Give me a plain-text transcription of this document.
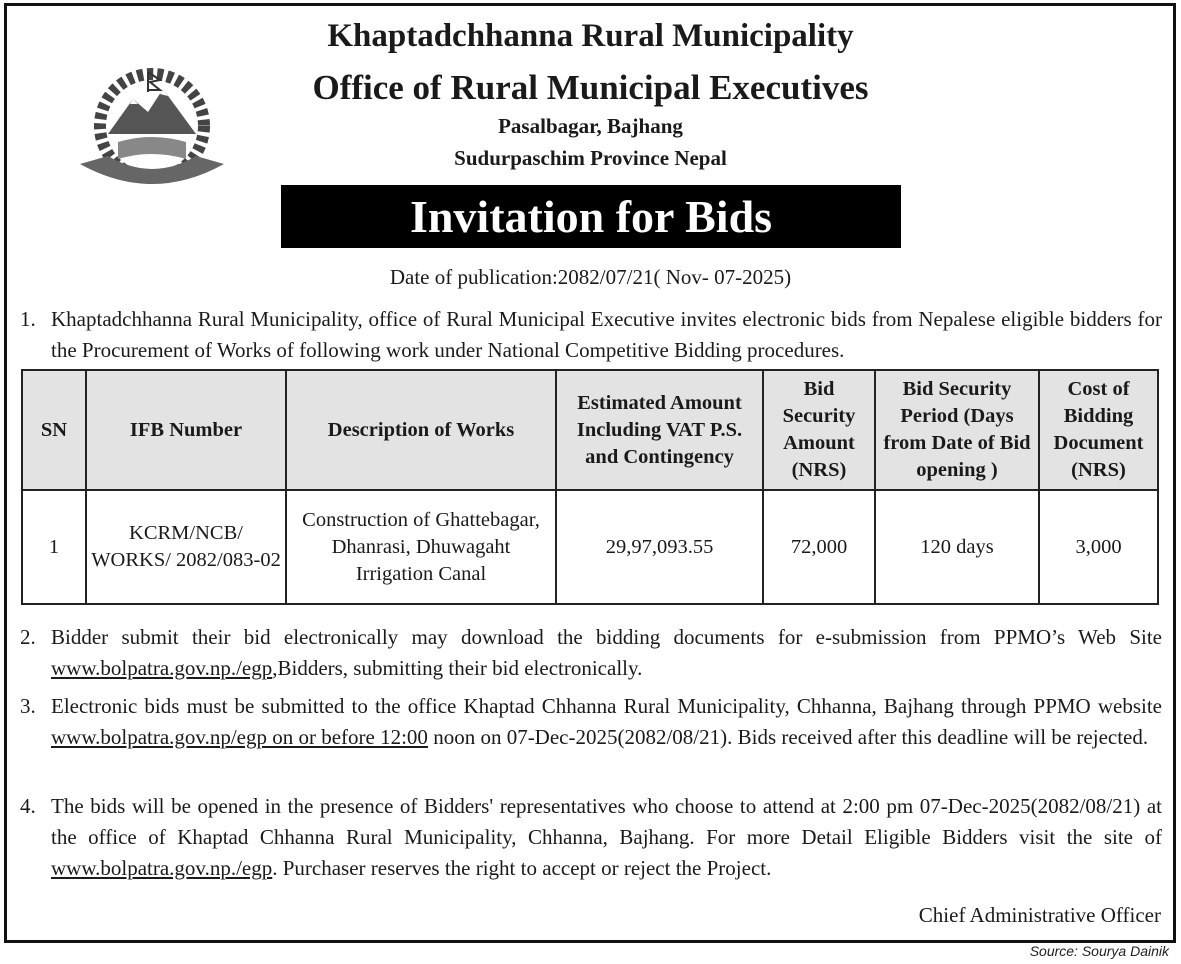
Khaptadchhanna Rural Municipality
Office of Rural Municipal Executives
Pasalbagar, Bajhang
Sudurpaschim Province Nepal
Invitation for Bids
Date of publication:2082/07/21( Nov- 07-2025)
1. Khaptadchhanna Rural Municipality, office of Rural Municipal Executive invites electronic bids from Nepalese eligible bidders for the Procurement of Works of following work under National Competitive Bidding procedures.
SN	IFB Number	Description of Works	Estimated Amount Including VAT P.S. and Contingency	Bid Security Amount (NRS)	Bid Security Period (Days from Date of Bid opening )	Cost of Bidding Document (NRS)
1	KCRM/NCB/ WORKS/ 2082/083-02	Construction of Ghattebagar, Dhanrasi, Dhuwagaht Irrigation Canal	29,97,093.55	72,000	120 days	3,000
2. Bidder submit their bid electronically may download the bidding documents for e-submission from PPMO’s Web Site www.bolpatra.gov.np./egp,Bidders, submitting their bid electronically.
3. Electronic bids must be submitted to the office Khaptad Chhanna Rural Municipality, Chhanna, Bajhang through PPMO website www.bolpatra.gov.np/egp on or before 12:00 noon on 07-Dec-2025(2082/08/21). Bids received after this deadline will be rejected.
4. The bids will be opened in the presence of Bidders' representatives who choose to attend at 2:00 pm 07-Dec-2025(2082/08/21) at the office of Khaptad Chhanna Rural Municipality, Chhanna, Bajhang. For more Detail Eligible Bidders visit the site of www.bolpatra.gov.np./egp. Purchaser reserves the right to accept or reject the Project.
Chief Administrative Officer
Source: Sourya Dainik
